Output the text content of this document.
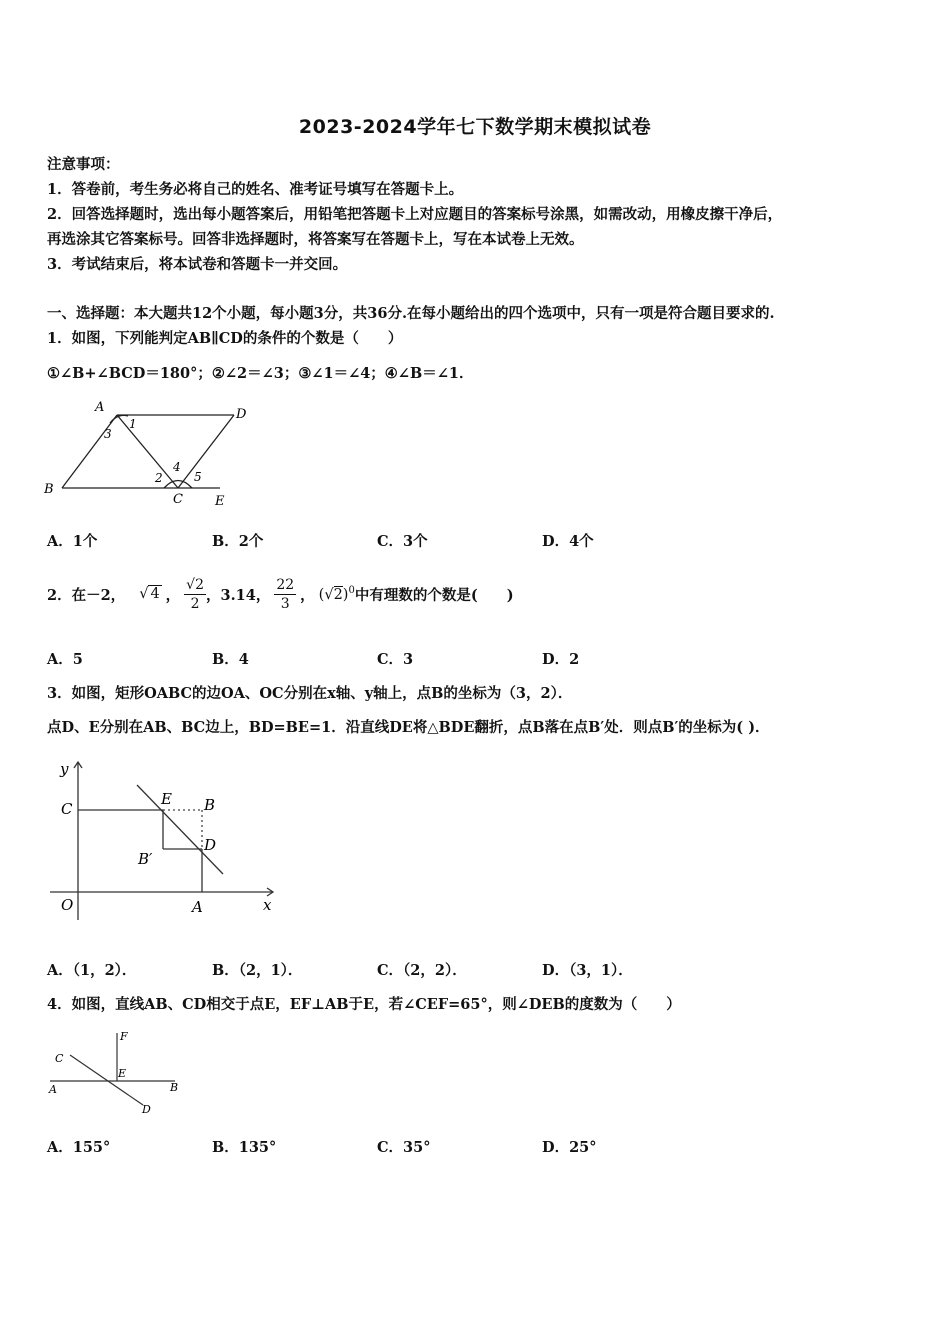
2023-2024学年七下数学期末模拟试卷
注意事项：
1．答卷前，考生务必将自己的姓名、准考证号填写在答题卡上。
2．回答选择题时，选出每小题答案后，用铅笔把答题卡上对应题目的答案标号涂黑，如需改动，用橡皮擦干净后，
再选涂其它答案标号。回答非选择题时，将答案写在答题卡上，写在本试卷上无效。
3．考试结束后，将本试卷和答题卡一并交回。
一、选择题：本大题共12个小题，每小题3分，共36分.在每小题给出的四个选项中，只有一项是符合题目要求的.
1．如图，下列能判定AB∥CD的条件的个数是（　　）
①∠B+∠BCD＝180°；②∠2＝∠3；③∠1＝∠4；④∠B＝∠1．
A	D
B
C E
1
3
2
4
5
A．1个	B．2个	C．3个	D．4个
2．在－2， √ 4 ， $\frac{√2}{2}$ ，3.14， $\frac{22}{3}$ ， $(√2)^0$ 中有理数的个数是(　　)
A．5	B．4	C．3	D．2
3．如图，矩形OABC的边OA、OC分别在x轴、y轴上，点B的坐标为（3，2）．
点D、E分别在AB、BC边上，BD=BE=1．沿直线DE将△BDE翻折，点B落在点B′处．则点B′的坐标为( )．
y
x
O	A
C
E B
D
B′
A．（1，2）．	B．（2，1）．	C．（2，2）．	D．（3，1）．
4．如图，直线AB、CD相交于点E，EF⊥AB于E，若∠CEF=65°，则∠DEB的度数为（　　）
F
C
E
A	B
D
A．155°	B．135°	C．35°	D．25°
